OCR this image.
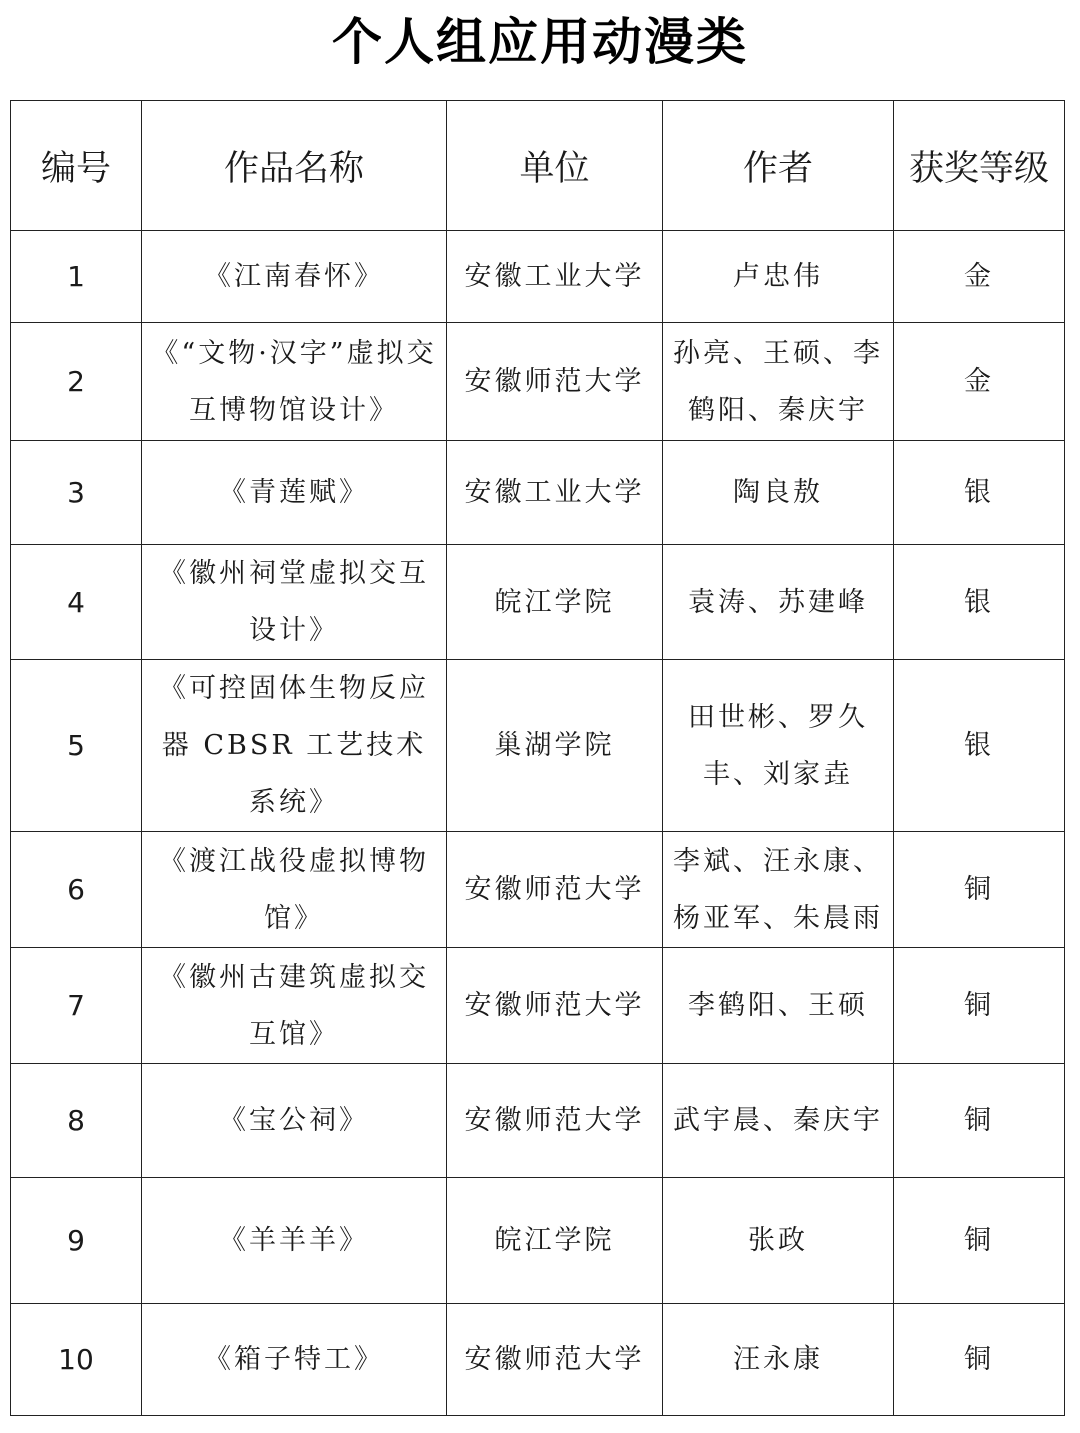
个人组应用动漫类
编号	作品名称	单位	作者	获奖等级
1	《江南春怀》	安徽工业大学	卢忠伟	金
2	《“文物·汉字”虚拟交互博物馆设计》	安徽师范大学	孙亮、王硕、李鹤阳、秦庆宇	金
3	《青莲赋》	安徽工业大学	陶良敖	银
4	《徽州祠堂虚拟交互设计》	皖江学院	袁涛、苏建峰	银
5	《可控固体生物反应器 CBSR 工艺技术系统》	巢湖学院	田世彬、罗久丰、刘家垚	银
6	《渡江战役虚拟博物馆》	安徽师范大学	李斌、汪永康、杨亚军、朱晨雨	铜
7	《徽州古建筑虚拟交互馆》	安徽师范大学	李鹤阳、王硕	铜
8	《宝公祠》	安徽师范大学	武宇晨、秦庆宇	铜
9	《羊羊羊》	皖江学院	张政	铜
10	《箱子特工》	安徽师范大学	汪永康	铜
